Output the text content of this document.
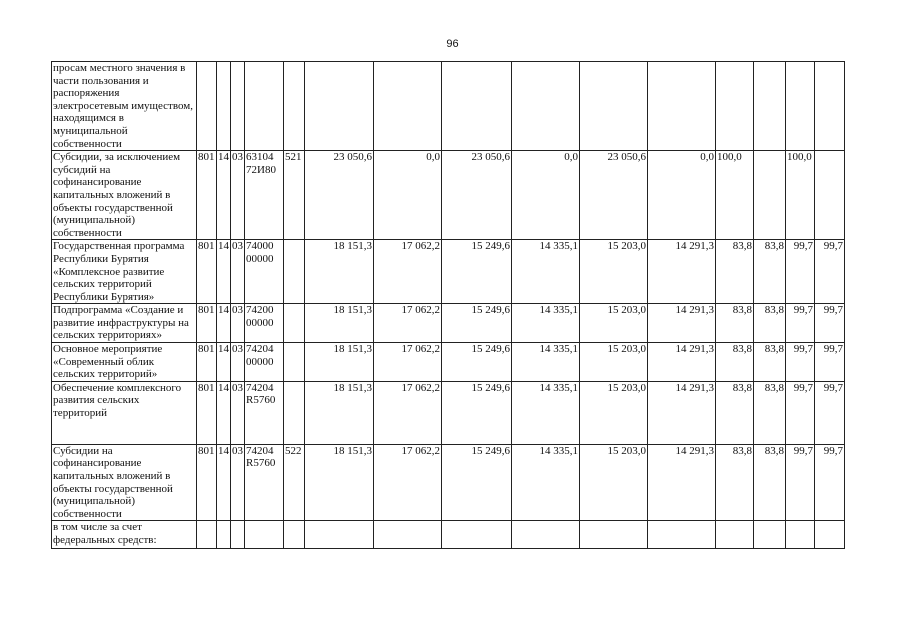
96
просам местного значения в части пользования и распоряжения электросетевым имуществом, находящимся в муниципальной собственности															
Субсидии, за исключением субсидий на софинансирование капитальных вложений в объекты государственной (муниципальной) собственности	801	14	03	63104 72И80	521	23 050,6	0,0	23 050,6	0,0	23 050,6	0,0	100,0		100,0	
Государственная программа Республики Бурятия «Комплексное развитие сельских территорий Республики Бурятия»	801	14	03	74000 00000		18 151,3	17 062,2	15 249,6	14 335,1	15 203,0	14 291,3	83,8	83,8	99,7	99,7
Подпрограмма «Создание и развитие инфраструктуры на сельских территориях»	801	14	03	74200 00000		18 151,3	17 062,2	15 249,6	14 335,1	15 203,0	14 291,3	83,8	83,8	99,7	99,7
Основное мероприятие «Современный облик сельских территорий»	801	14	03	74204 00000		18 151,3	17 062,2	15 249,6	14 335,1	15 203,0	14 291,3	83,8	83,8	99,7	99,7
Обеспечение комплексного развития сельских территорий	801	14	03	74204 R5760		18 151,3	17 062,2	15 249,6	14 335,1	15 203,0	14 291,3	83,8	83,8	99,7	99,7
Субсидии на софинансирование капитальных вложений в объекты государственной (муниципальной) собственности	801	14	03	74204 R5760	522	18 151,3	17 062,2	15 249,6	14 335,1	15 203,0	14 291,3	83,8	83,8	99,7	99,7
в том числе за счет федеральных средств:															
